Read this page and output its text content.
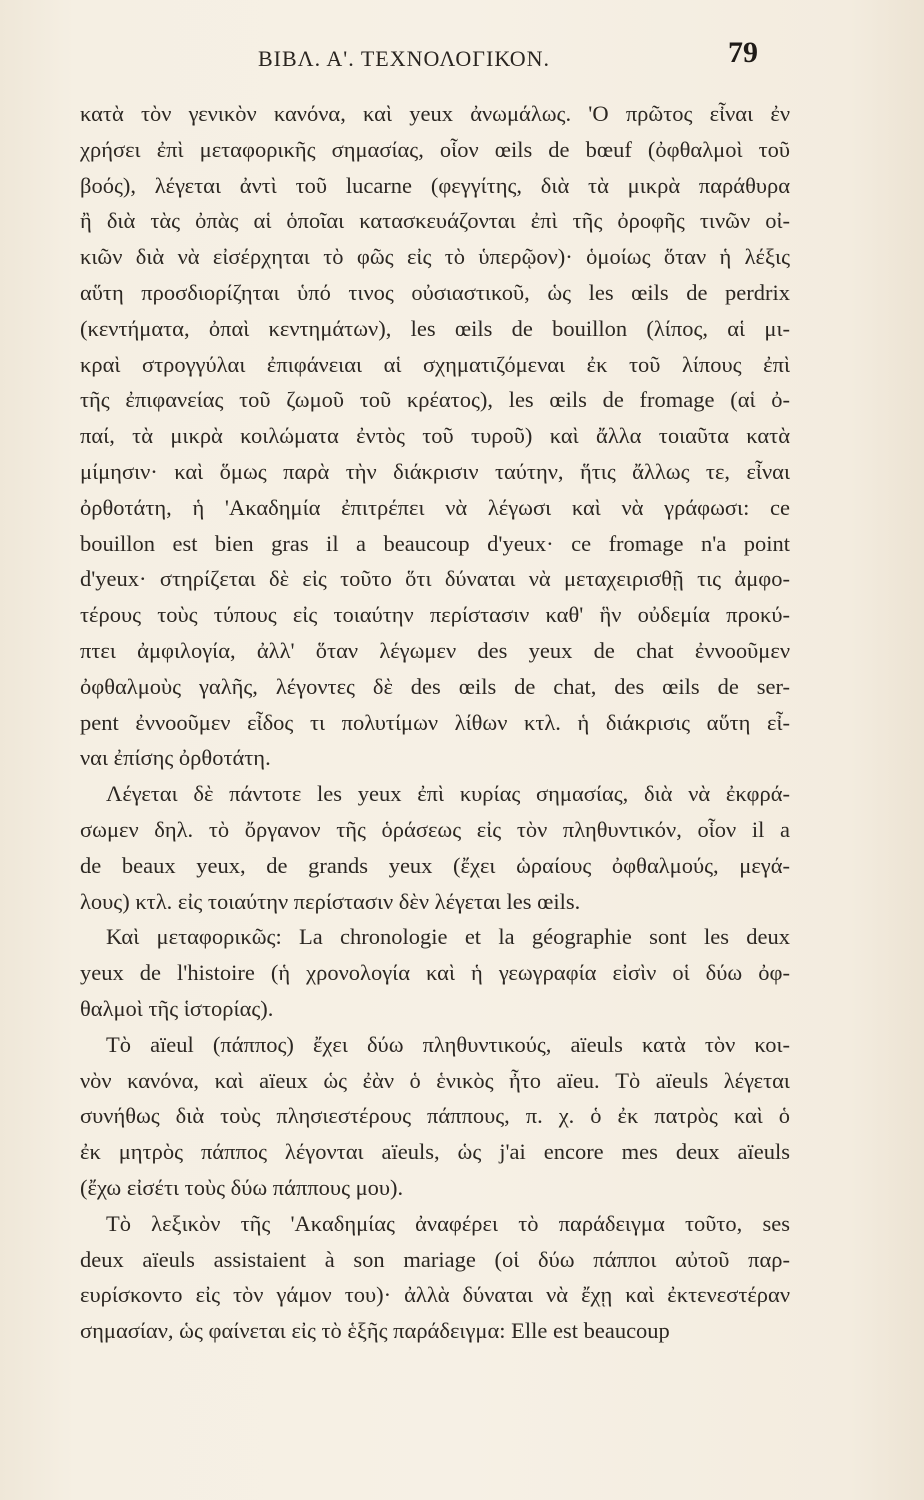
ΒΙΒΛ. Α'. ΤΕΧΝΟΛΟΓΙΚΟΝ.	79

κατὰ τὸν γενικὸν κανόνα, καὶ yeux ἀνωμάλως. 'Ο πρῶτος εἶναι ἐν
χρήσει ἐπὶ μεταφορικῆς σημασίας, οἷον œils de bœuf (ὀφθαλμοὶ τοῦ
βοός), λέγεται ἀντὶ τοῦ lucarne (φεγγίτης, διὰ τὰ μικρὰ παράθυρα
ἢ διὰ τὰς ὀπὰς αἱ ὁποῖαι κατασκευάζονται ἐπὶ τῆς ὀροφῆς τινῶν οἰ-
κιῶν διὰ νὰ εἰσέρχηται τὸ φῶς εἰς τὸ ὑπερῷον)· ὁμοίως ὅταν ἡ λέξις
αὕτη προσδιορίζηται ὑπό τινος οὐσιαστικοῦ, ὡς les œils de perdrix
(κεντήματα, ὀπαὶ κεντημάτων), les œils de bouillon (λίπος, αἱ μι-
κραὶ στρογγύλαι ἐπιφάνειαι αἱ σχηματιζόμεναι ἐκ τοῦ λίπους ἐπὶ
τῆς ἐπιφανείας τοῦ ζωμοῦ τοῦ κρέατος), les œils de fromage (αἱ ὀ-
παί, τὰ μικρὰ κοιλώματα ἐντὸς τοῦ τυροῦ) καὶ ἄλλα τοιαῦτα κατὰ
μίμησιν· καὶ ὅμως παρὰ τὴν διάκρισιν ταύτην, ἥτις ἄλλως τε, εἶναι
ὀρθοτάτη, ἡ 'Ακαδημία ἐπιτρέπει νὰ λέγωσι καὶ νὰ γράφωσι: ce
bouillon est bien gras il a beaucoup d'yeux· ce fromage n'a point
d'yeux· στηρίζεται δὲ εἰς τοῦτο ὅτι δύναται νὰ μεταχειρισθῇ τις ἀμφο-
τέρους τοὺς τύπους εἰς τοιαύτην περίστασιν καθ' ἣν οὐδεμία προκύ-
πτει ἀμφιλογία, ἀλλ' ὅταν λέγωμεν des yeux de chat ἐννοοῦμεν
ὀφθαλμοὺς γαλῆς, λέγοντες δὲ des œils de chat, des œils de ser-
pent ἐννοοῦμεν εἶδος τι πολυτίμων λίθων κτλ. ἡ διάκρισις αὕτη εἶ-
ναι ἐπίσης ὀρθοτάτη.

Λέγεται δὲ πάντοτε les yeux ἐπὶ κυρίας σημασίας, διὰ νὰ ἐκφρά-
σωμεν δηλ. τὸ ὄργανον τῆς ὁράσεως εἰς τὸν πληθυντικόν, οἷον il a
de beaux yeux, de grands yeux (ἔχει ὡραίους ὀφθαλμούς, μεγά-
λους) κτλ. εἰς τοιαύτην περίστασιν δὲν λέγεται les œils.

Καὶ μεταφορικῶς: La chronologie et la géographie sont les deux
yeux de l'histoire (ἡ χρονολογία καὶ ἡ γεωγραφία εἰσὶν οἱ δύω ὀφ-
θαλμοὶ τῆς ἱστορίας).

Τὸ aïeul (πάππος) ἔχει δύω πληθυντικούς, aïeuls κατὰ τὸν κοι-
νὸν κανόνα, καὶ aïeux ὡς ἐὰν ὁ ἑνικὸς ἦτο aïeu. Τὸ aïeuls λέγεται
συνήθως διὰ τοὺς πλησιεστέρους πάππους, π. χ. ὁ ἐκ πατρὸς καὶ ὁ
ἐκ μητρὸς πάππος λέγονται aïeuls, ὡς j'ai encore mes deux aïeuls
(ἔχω εἰσέτι τοὺς δύω πάππους μου).

Τὸ λεξικὸν τῆς 'Ακαδημίας ἀναφέρει τὸ παράδειγμα τοῦτο, ses
deux aïeuls assistaient à son mariage (οἱ δύω πάπποι αὐτοῦ παρ-
ευρίσκοντο εἰς τὸν γάμον του)· ἀλλὰ δύναται νὰ ἔχῃ καὶ ἐκτενεστέραν
σημασίαν, ὡς φαίνεται εἰς τὸ ἑξῆς παράδειγμα: Elle est beaucoup
